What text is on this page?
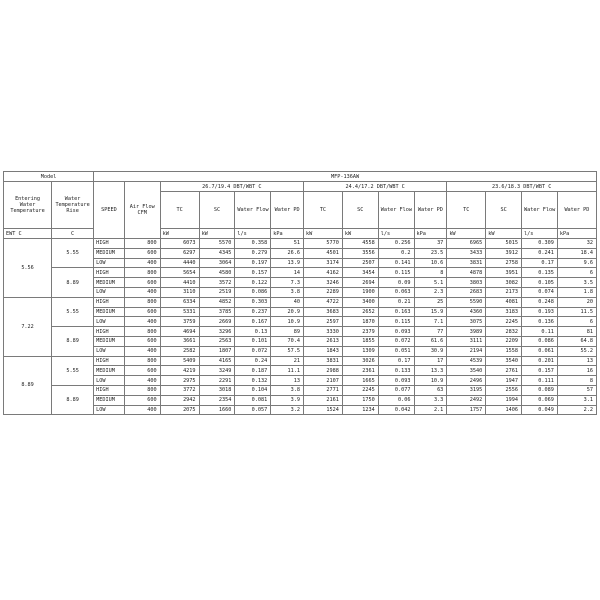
Model		MFP-136AW													
Entering Water Temperature	Water Temperature Rise	SPEED	Air Flow CFM	26.7/19.4 DBT/WBT C				24.4/17.2 DBT/WBT C				23.6/18.3 DBT/WBT C			
				TC	SC	Water Flow	Water PD	TC	SC	Water Flow	Water PD	TC	SC	Water Flow	Water PD
EWT C	C			kW	kW	l/s	kPa	kW	kW	l/s	kPa	kW	kW	l/s	kPa
5.56	5.55	HIGH	800	6073	5570	0.358	51	5770	4558	0.256	37	6965	5015	0.309	32
		MEDIUM	600	6297	4345	0.279	26.6	4501	3556	0.2	23.5	3433	3912	0.241	18.4
		LOW	400	4440	3064	0.197	13.9	3174	2507	0.141	10.6	3831	2758	0.17	9.6
	8.89	HIGH	800	5654	4580	0.157	14	4162	3454	0.115	8	4878	3951	0.135	6
		MEDIUM	600	4410	3572	0.122	7.3	3246	2694	0.09	5.1	3803	3082	0.105	3.5
		LOW	400	3110	2519	0.086	3.8	2289	1900	0.063	2.3	2683	2173	0.074	1.8
7.22	5.55	HIGH	800	6334	4852	0.303	40	4722	3400	0.21	25	5590	4081	0.248	20
		MEDIUM	600	5331	3785	0.237	20.9	3683	2652	0.163	15.9	4360	3183	0.193	11.5
		LOW	400	3759	2669	0.167	10.9	2597	1870	0.115	7.1	3075	2245	0.136	6
	8.89	HIGH	800	4694	3296	0.13	89	3330	2379	0.093	77	3989	2832	0.11	81
		MEDIUM	600	3661	2563	0.101	70.4	2613	1855	0.072	61.6	3111	2209	0.086	64.8
		LOW	400	2582	1807	0.072	57.5	1843	1309	0.051	30.9	2194	1558	0.061	55.2
8.89	5.55	HIGH	800	5409	4165	0.24	21	3831	3026	0.17	17	4539	3540	0.201	13
		MEDIUM	600	4219	3249	0.187	11.1	2988	2361	0.133	13.3	3540	2761	0.157	16
		LOW	400	2975	2291	0.132	13	2107	1665	0.093	10.9	2496	1947	0.111	8
	8.89	HIGH	800	3772	3018	0.104	3.8	2771	2245	0.077	63	3195	2556	0.089	57
		MEDIUM	600	2942	2354	0.081	3.9	2161	1750	0.06	3.3	2492	1994	0.069	3.1
		LOW	400	2075	1660	0.057	3.2	1524	1234	0.042	2.1	1757	1406	0.049	2.2
